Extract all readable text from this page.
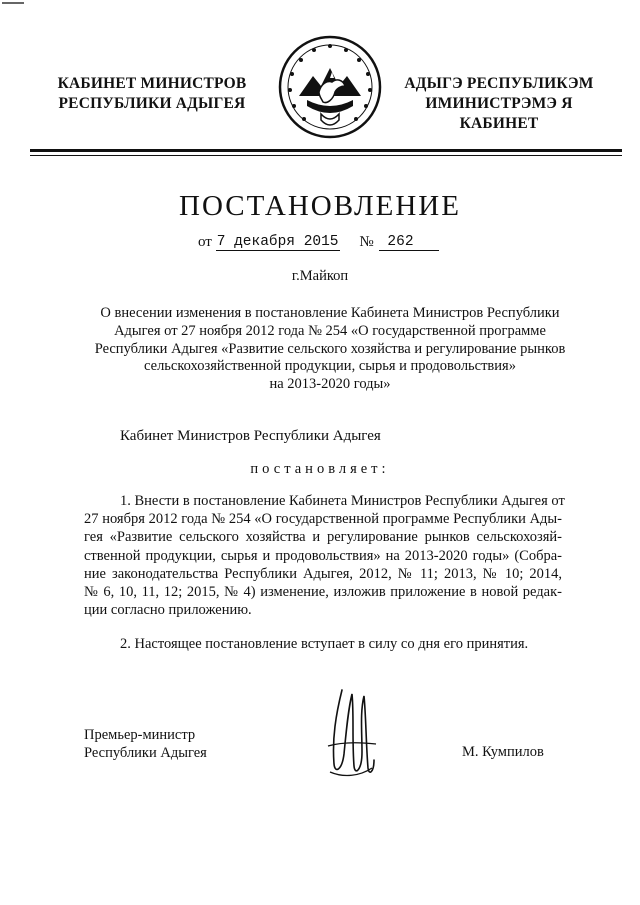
КАБИНЕТ МИНИСТРОВ
РЕСПУБЛИКИ АДЫГЕЯ
АДЫГЭ РЕСПУБЛИКЭМ
ИМИНИСТРЭМЭ Я КАБИНЕТ
ПОСТАНОВЛЕНИЕ
от 7 декабря 2015 № 262
г.Майкоп
О внесении изменения в постановление Кабинета Министров Республики
Адыгея от 27 ноября 2012 года № 254 «О государственной программе
Республики Адыгея «Развитие сельского хозяйства и регулирование рынков
сельскохозяйственной продукции, сырья и продовольствия»
на 2013-2020 годы»
Кабинет Министров Республики Адыгея
постановляет:
1. Внести в постановление Кабинета Министров Республики Адыгея от
27 ноября 2012 года № 254 «О государственной программе Республики Ады-
гея «Развитие сельского хозяйства и регулирование рынков сельскохозяй-
ственной продукции, сырья и продовольствия» на 2013-2020 годы» (Собра-
ние законодательства Республики Адыгея, 2012, № 11; 2013, № 10; 2014,
№ 6, 10, 11, 12; 2015, № 4) изменение, изложив приложение в новой редак-
ции согласно приложению.
2. Настоящее постановление вступает в силу со дня его принятия.
Премьер-министр
Республики Адыгея	М. Кумпилов
